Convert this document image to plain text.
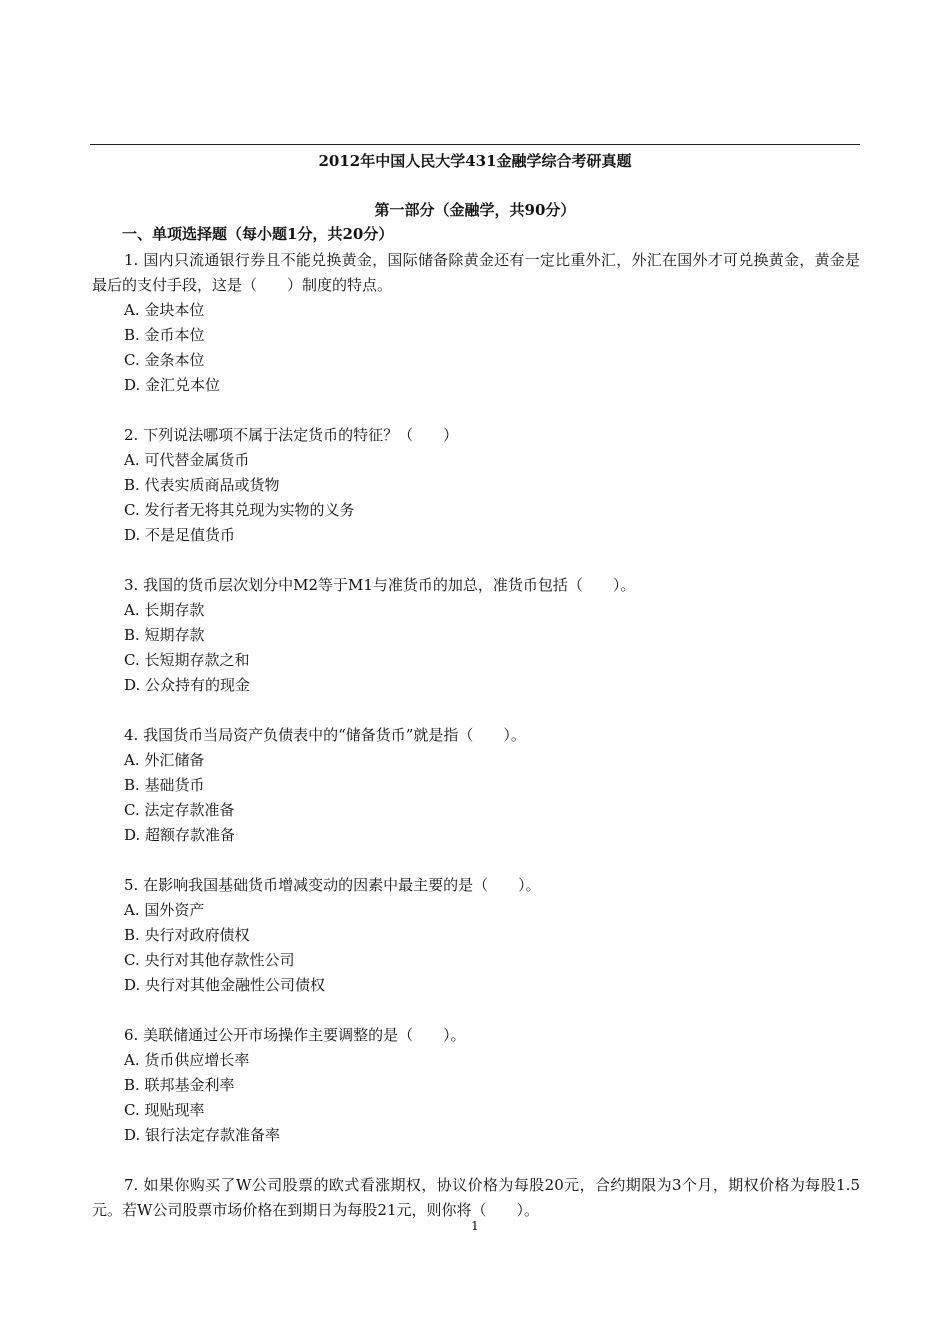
2012年中国人民大学431金融学综合考研真题
第一部分（金融学，共90分）
一、单项选择题（每小题1分，共20分）

1. 国内只流通银行券且不能兑换黄金，国际储备除黄金还有一定比重外汇，外汇在国外才可兑换黄金，黄金是最后的支付手段，这是（　　）制度的特点。

A. 金块本位

B. 金币本位

C. 金条本位

D. 金汇兑本位

2. 下列说法哪项不属于法定货币的特征？（　　）

A. 可代替金属货币

B. 代表实质商品或货物

C. 发行者无将其兑现为实物的义务

D. 不是足值货币

3. 我国的货币层次划分中M2等于M1与准货币的加总，准货币包括（　　）。

A. 长期存款

B. 短期存款

C. 长短期存款之和

D. 公众持有的现金

4. 我国货币当局资产负债表中的“储备货币”就是指（　　）。

A. 外汇储备

B. 基础货币

C. 法定存款准备

D. 超额存款准备

5. 在影响我国基础货币增减变动的因素中最主要的是（　　）。

A. 国外资产

B. 央行对政府债权

C. 央行对其他存款性公司

D. 央行对其他金融性公司债权

6. 美联储通过公开市场操作主要调整的是（　　）。

A. 货币供应增长率

B. 联邦基金利率

C. 现贴现率

D. 银行法定存款准备率

7. 如果你购买了W公司股票的欧式看涨期权，协议价格为每股20元，合约期限为3个月，期权价格为每股1.5元。若W公司股票市场价格在到期日为每股21元，则你将（　　）。

1
